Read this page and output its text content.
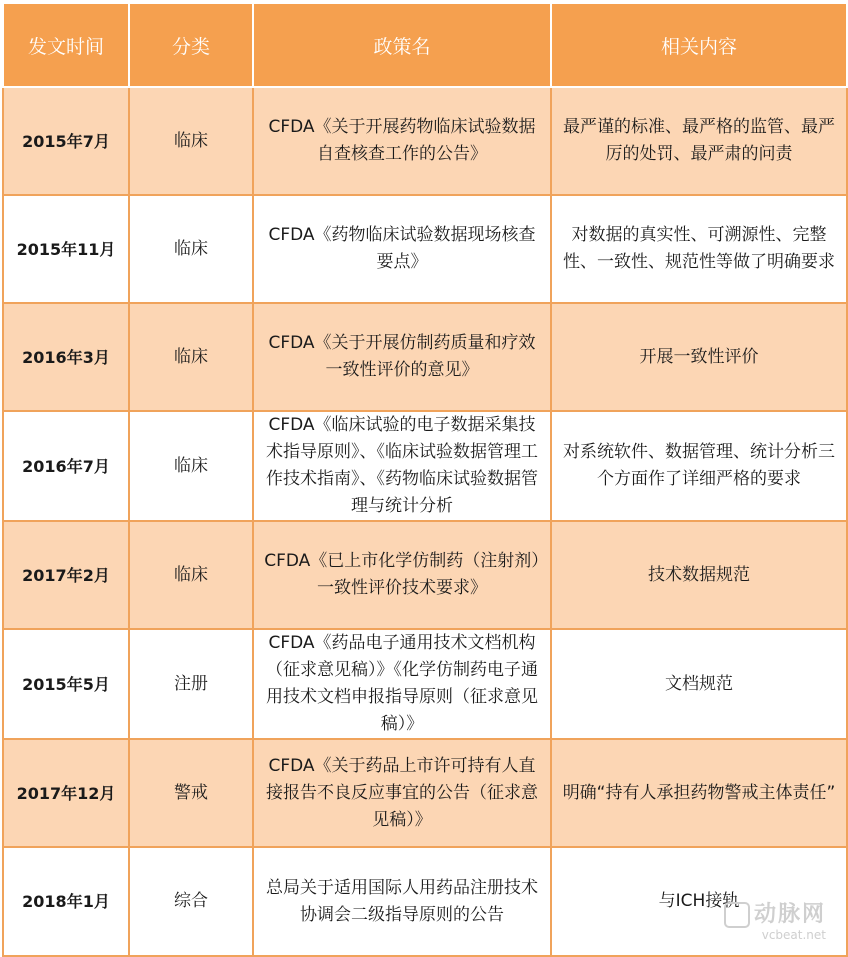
发文时间	分类	政策名	相关内容
2015年7月	临床	CFDA《关于开展药物临床试验数据自查核查工作的公告》	最严谨的标准、最严格的监管、最严厉的处罚、最严肃的问责
2015年11月	临床	CFDA《药物临床试验数据现场核查要点》	对数据的真实性、可溯源性、完整性、一致性、规范性等做了明确要求
2016年3月	临床	CFDA《关于开展仿制药质量和疗效一致性评价的意见》	开展一致性评价
2016年7月	临床	CFDA《临床试验的电子数据采集技术指导原则》、《临床试验数据管理工作技术指南》、《药物临床试验数据管理与统计分析	对系统软件、数据管理、统计分析三个方面作了详细严格的要求
2017年2月	临床	CFDA《已上市化学仿制药（注射剂）一致性评价技术要求》	技术数据规范
2015年5月	注册	CFDA《药品电子通用技术文档机构（征求意见稿）》《化学仿制药电子通用技术文档申报指导原则（征求意见稿）》	文档规范
2017年12月	警戒	CFDA《关于药品上市许可持有人直接报告不良反应事宜的公告（征求意见稿）》	明确“持有人承担药物警戒主体责任”
2018年1月	综合	总局关于适用国际人用药品注册技术协调会二级指导原则的公告	与ICH接轨
动脉网
vcbeat.net
